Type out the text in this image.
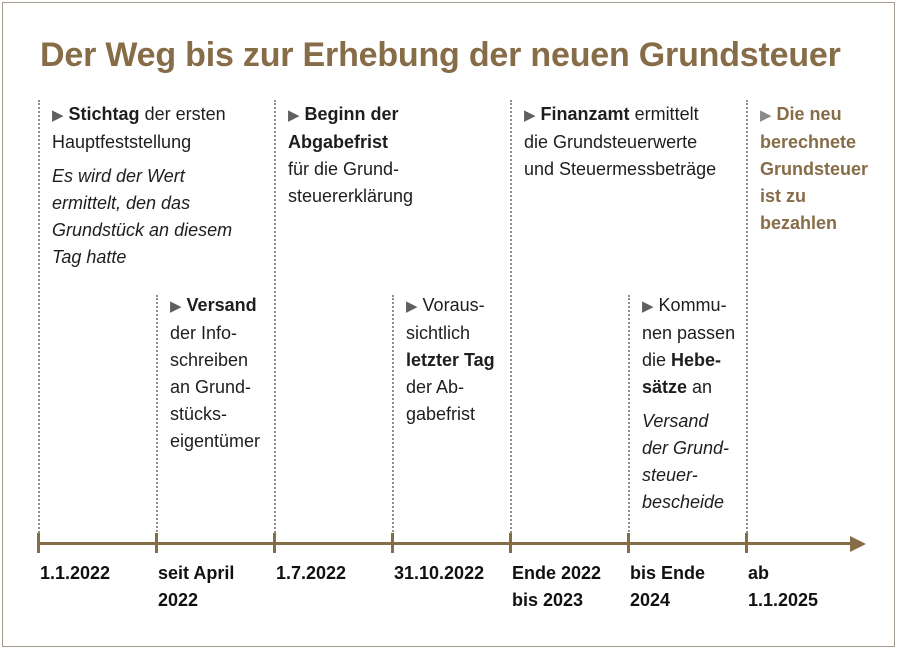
Der Weg bis zur Erhebung der neuen Grundsteuer
1.1.2022	seit April
2022
1.7.2022	31.10.2022 Ende 2022
bis 2023
bis Ende
2024
ab
1.1.2025
▶ Stichtag der ersten
Hauptfeststellung
Es wird der Wert
ermittelt, den das
Grundstück an diesem
Tag hatte
▶ Versand
der Info-
schreiben
an Grund-
stücks-
eigentümer
▶ Beginn der
Abgabefrist
für die Grund-
steuererklärung
▶ Voraus-
sichtlich
letzter Tag
der Ab-
gabefrist
▶ Finanzamt ermittelt
die Grundsteuerwerte
und Steuermessbeträge
▶ Kommu-
nen passen
die Hebe-
sätze an
Versand
der Grund-
steuer-
bescheide
▶ Die neu
berechnete
Grundsteuer
ist zu
bezahlen
